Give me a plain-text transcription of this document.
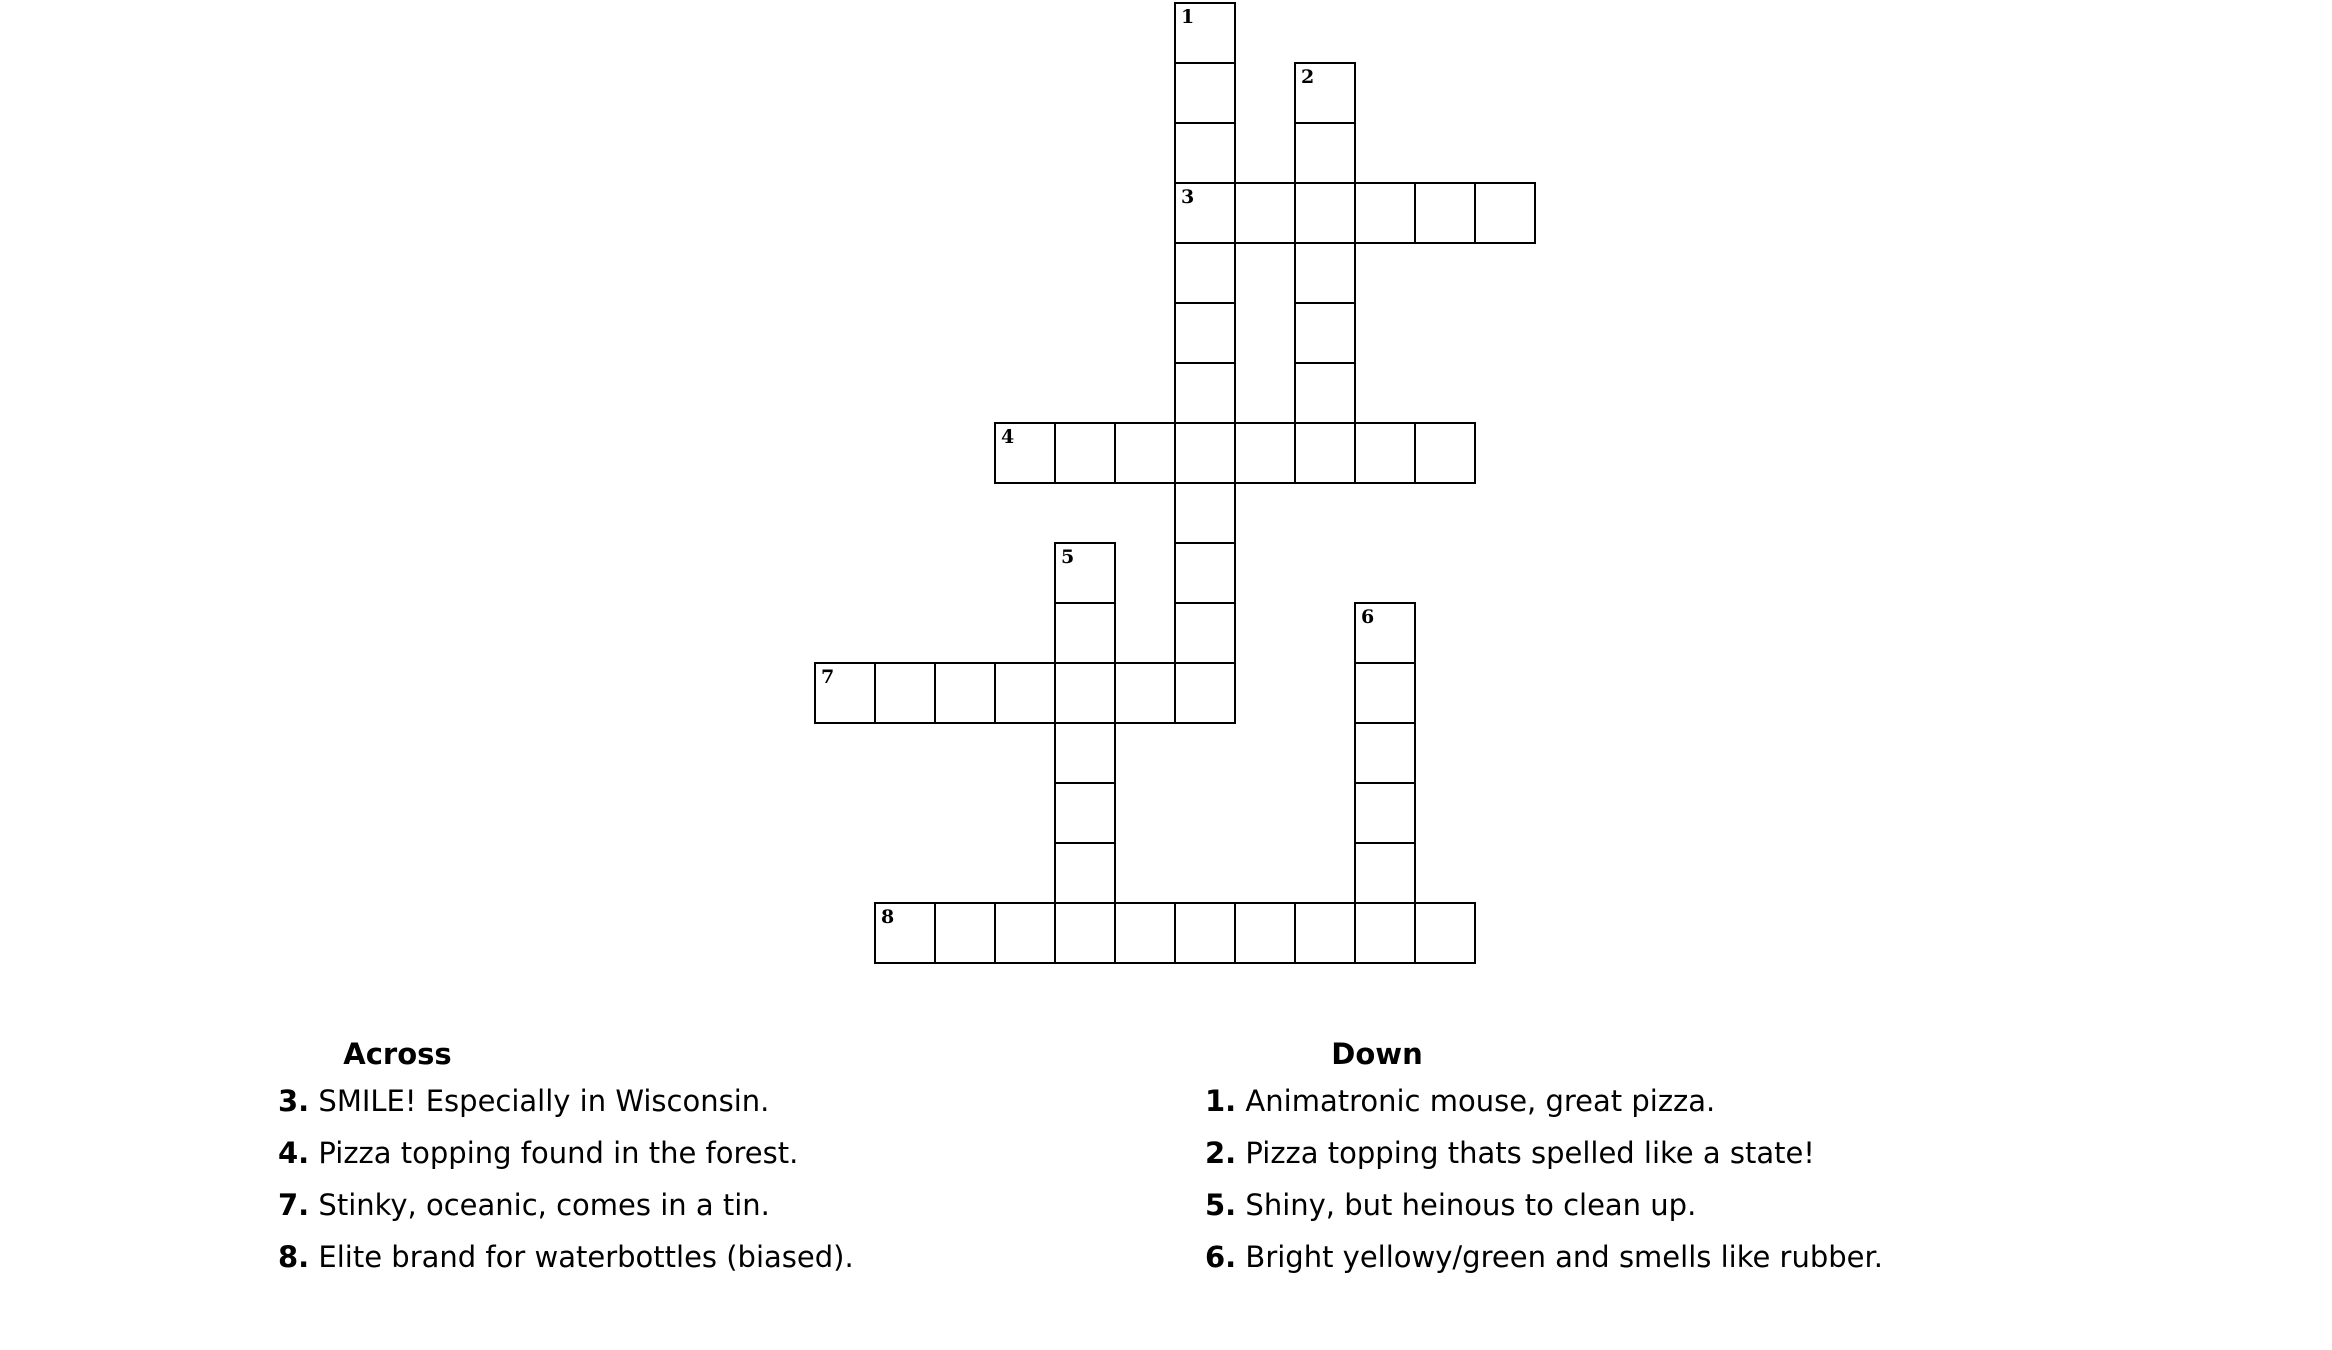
1
3
2
4
5
6
7
8
Across
3. SMILE! Especially in Wisconsin.
4. Pizza topping found in the forest.
7. Stinky, oceanic, comes in a tin.
8. Elite brand for waterbottles (biased).
Down
1. Animatronic mouse, great pizza.
2. Pizza topping thats spelled like a state!
5. Shiny, but heinous to clean up.
6. Bright yellowy/green and smells like rubber.
